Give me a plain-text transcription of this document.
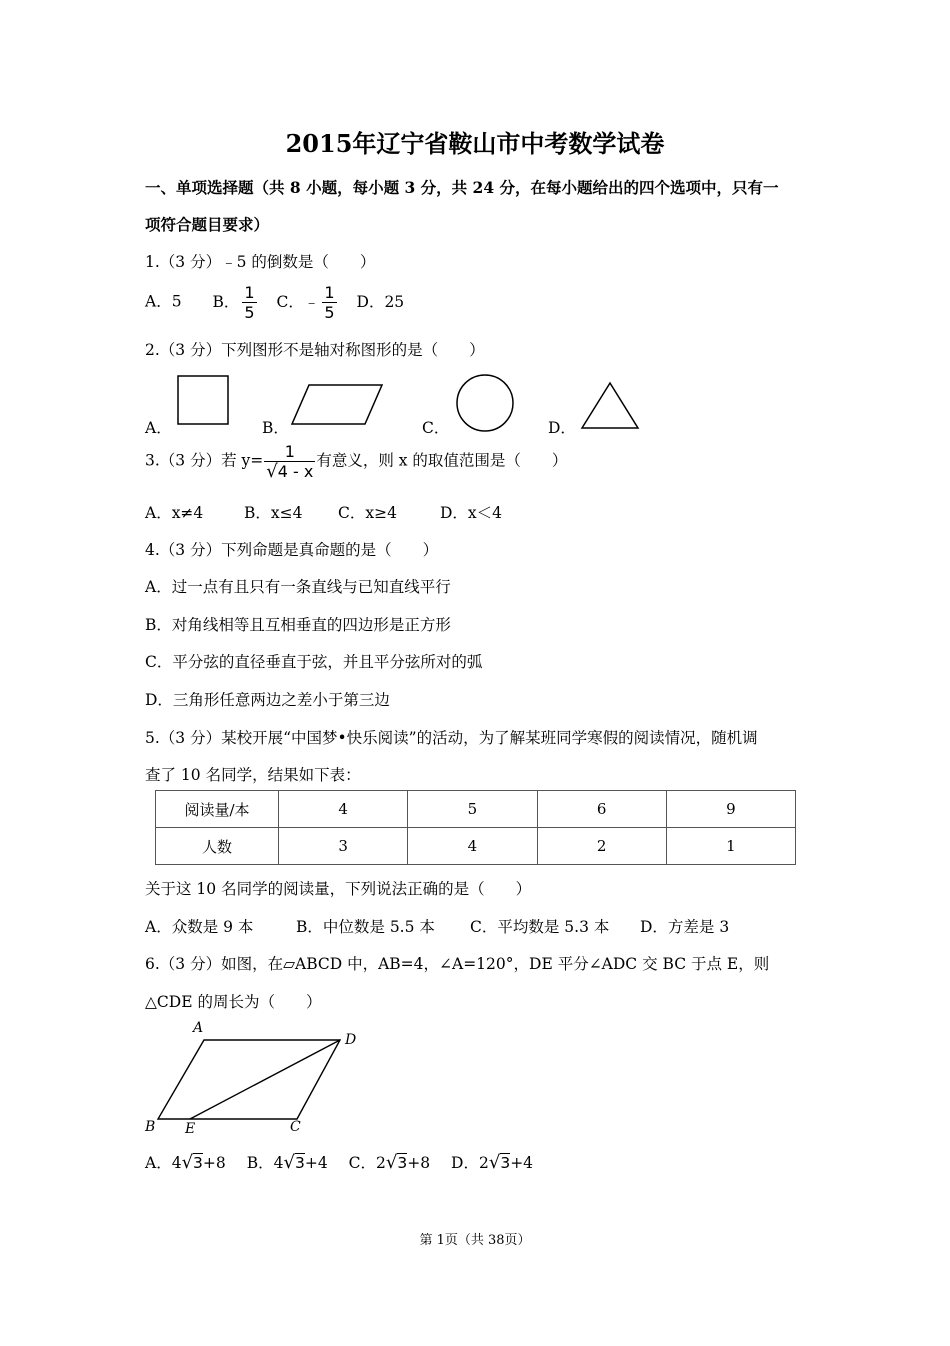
2015年辽宁省鞍山市中考数学试卷
一、单项选择题（共 8 小题，每小题 3 分，共 24 分，在每小题给出的四个选项中，只有一
项符合题目要求）
1.（3 分）﹣5 的倒数是（　　）
A．5 B． $\frac{1}{5}$ C．﹣ $\frac{1}{5}$ D．25
2.（3 分）下列图形不是轴对称图形的是（　　）
A．	B．	C．	D．
3.（3 分）若 $y= \frac{1}{√4 - x}$ 有意义，则 x 的取值范围是（　　）
A．x≠4	B．x≤4 C．x≥4	D．x＜4
4.（3 分）下列命题是真命题的是（　　）
A．过一点有且只有一条直线与已知直线平行
B．对角线相等且互相垂直的四边形是正方形
C．平分弦的直径垂直于弦，并且平分弦所对的弧
D．三角形任意两边之差小于第三边
5.（3 分）某校开展“中国梦•快乐阅读”的活动，为了解某班同学寒假的阅读情况，随机调
查了 10 名同学，结果如下表：
阅读量/本	4	5	6	9
人数	3	4	2	1
关于这 10 名同学的阅读量，下列说法正确的是（　　）
A．众数是 9 本	B．中位数是 5.5 本 C．平均数是 5.3 本 D．方差是 3
6.（3 分）如图，在▱ABCD 中，AB=4，∠A=120°，DE 平分∠ADC 交 BC 于点 E，则
△CDE 的周长为（　　）
A
D
B E	C
A．4√3+8 B．4√3+4 C．2√3+8 D．2√3+4
第 1页（共 38页）
